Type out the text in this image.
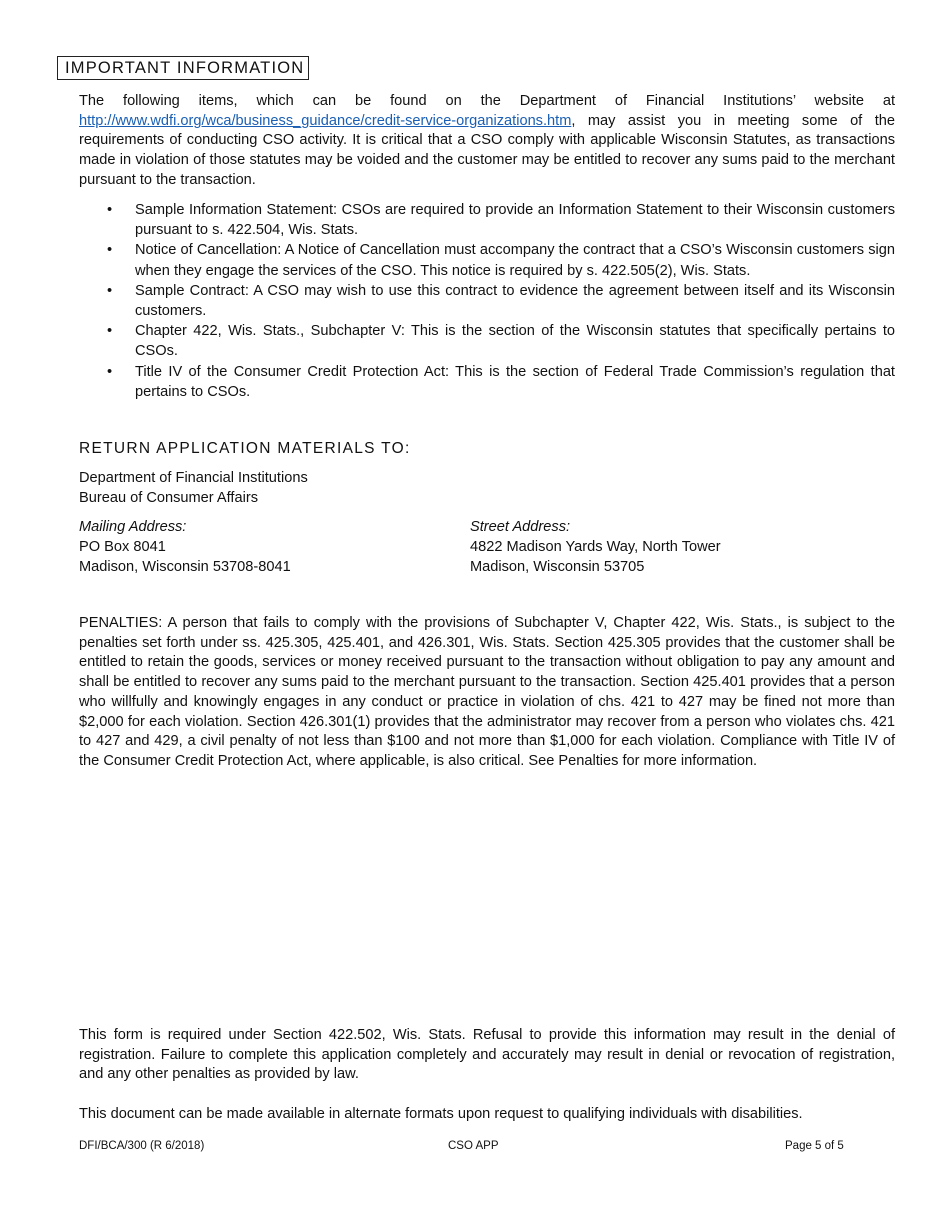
IMPORTANT INFORMATION
The following items, which can be found on the Department of Financial Institutions’ website at http://www.wdfi.org/wca/business_guidance/credit-service-organizations.htm, may assist you in meeting some of the requirements of conducting CSO activity. It is critical that a CSO comply with applicable Wisconsin Statutes, as transactions made in violation of those statutes may be voided and the customer may be entitled to recover any sums paid to the merchant pursuant to the transaction.
• Sample Information Statement: CSOs are required to provide an Information Statement to their Wisconsin customers pursuant to s. 422.504, Wis. Stats.
• Notice of Cancellation: A Notice of Cancellation must accompany the contract that a CSO’s Wisconsin customers sign when they engage the services of the CSO. This notice is required by s. 422.505(2), Wis. Stats.
• Sample Contract: A CSO may wish to use this contract to evidence the agreement between itself and its Wisconsin customers.
• Chapter 422, Wis. Stats., Subchapter V: This is the section of the Wisconsin statutes that specifically pertains to CSOs.
• Title IV of the Consumer Credit Protection Act: This is the section of Federal Trade Commission’s regulation that pertains to CSOs.
RETURN APPLICATION MATERIALS TO:
Department of Financial Institutions
Bureau of Consumer Affairs
Mailing Address:
PO Box 8041
Madison, Wisconsin 53708-8041
Street Address:
4822 Madison Yards Way, North Tower
Madison, Wisconsin 53705
PENALTIES: A person that fails to comply with the provisions of Subchapter V, Chapter 422, Wis. Stats., is subject to the penalties set forth under ss. 425.305, 425.401, and 426.301, Wis. Stats. Section 425.305 provides that the customer shall be entitled to retain the goods, services or money received pursuant to the transaction without obligation to pay any amount and shall be entitled to recover any sums paid to the merchant pursuant to the transaction. Section 425.401 provides that a person who willfully and knowingly engages in any conduct or practice in violation of chs. 421 to 427 may be fined not more than $2,000 for each violation. Section 426.301(1) provides that the administrator may recover from a person who violates chs. 421 to 427 and 429, a civil penalty of not less than $100 and not more than $1,000 for each violation. Compliance with Title IV of the Consumer Credit Protection Act, where applicable, is also critical. See Penalties for more information.
This form is required under Section 422.502, Wis. Stats. Refusal to provide this information may result in the denial of registration. Failure to complete this application completely and accurately may result in denial or revocation of registration, and any other penalties as provided by law.
This document can be made available in alternate formats upon request to qualifying individuals with disabilities.
DFI/BCA/300 (R 6/2018)	CSO APP	Page 5 of 5
